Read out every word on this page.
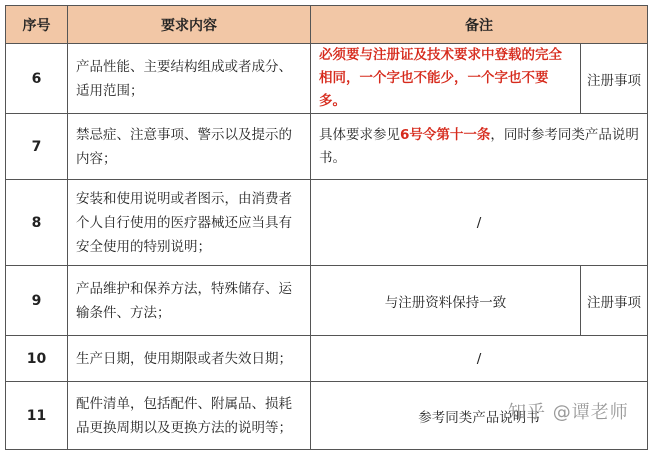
序号	要求内容	备注	
6	产品性能、主要结构组成或者成分、适用范围；	必须要与注册证及技术要求中登载的完全相同，一个字也不能少，一个字也不要多。	注册事项
7	禁忌症、注意事项、警示以及提示的内容；	具体要求参见6号令第十一条，同时参考同类产品说明书。	
8	安装和使用说明或者图示，由消费者个人自行使用的医疗器械还应当具有安全使用的特别说明；	/	
9	产品维护和保养方法，特殊储存、运输条件、方法；	与注册资料保持一致	注册事项
10	生产日期，使用期限或者失效日期；	/	
11	配件清单，包括配件、附属品、损耗品更换周期以及更换方法的说明等；	参考同类产品说明书	
知乎 @谭老师
